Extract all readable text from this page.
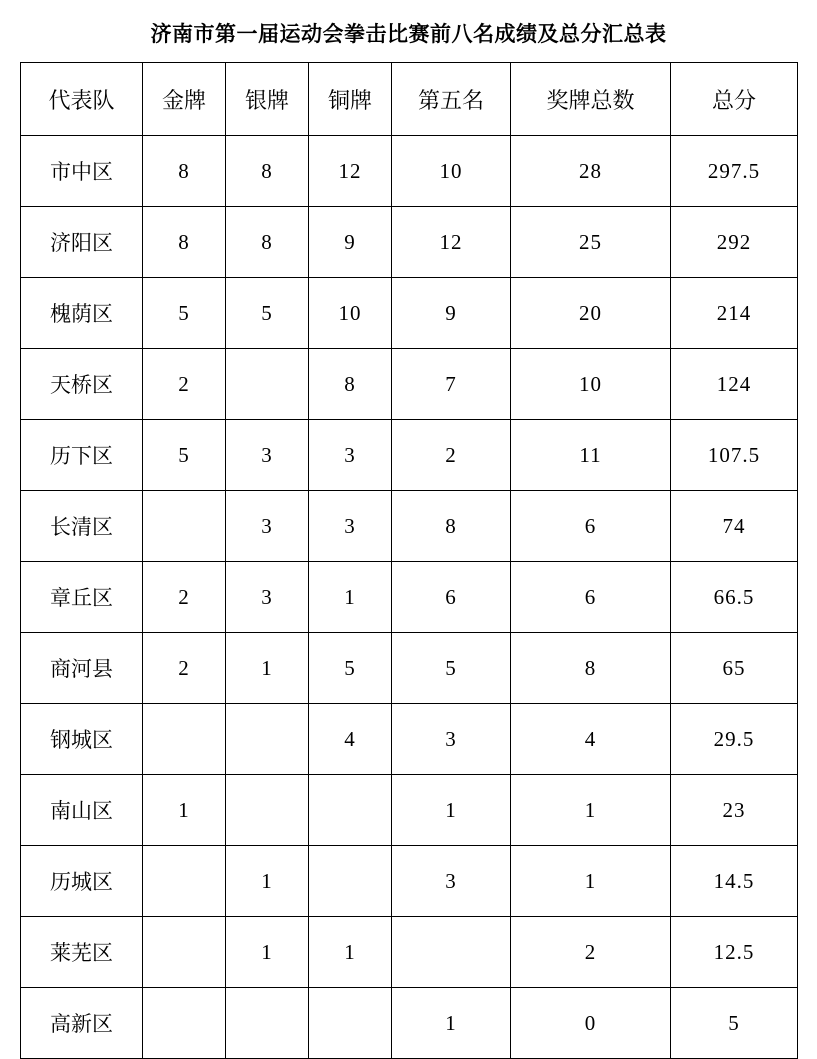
济南市第一届运动会拳击比赛前八名成绩及总分汇总表
代表队	金牌	银牌	铜牌	第五名	奖牌总数	总分
市中区	8	8	12	10	28	297.5
济阳区	8	8	9	12	25	292
槐荫区	5	5	10	9	20	214
天桥区	2		8	7	10	124
历下区	5	3	3	2	11	107.5
长清区		3	3	8	6	74
章丘区	2	3	1	6	6	66.5
商河县	2	1	5	5	8	65
钢城区			4	3	4	29.5
南山区	1			1	1	23
历城区		1		3	1	14.5
莱芜区		1	1		2	12.5
高新区				1	0	5
